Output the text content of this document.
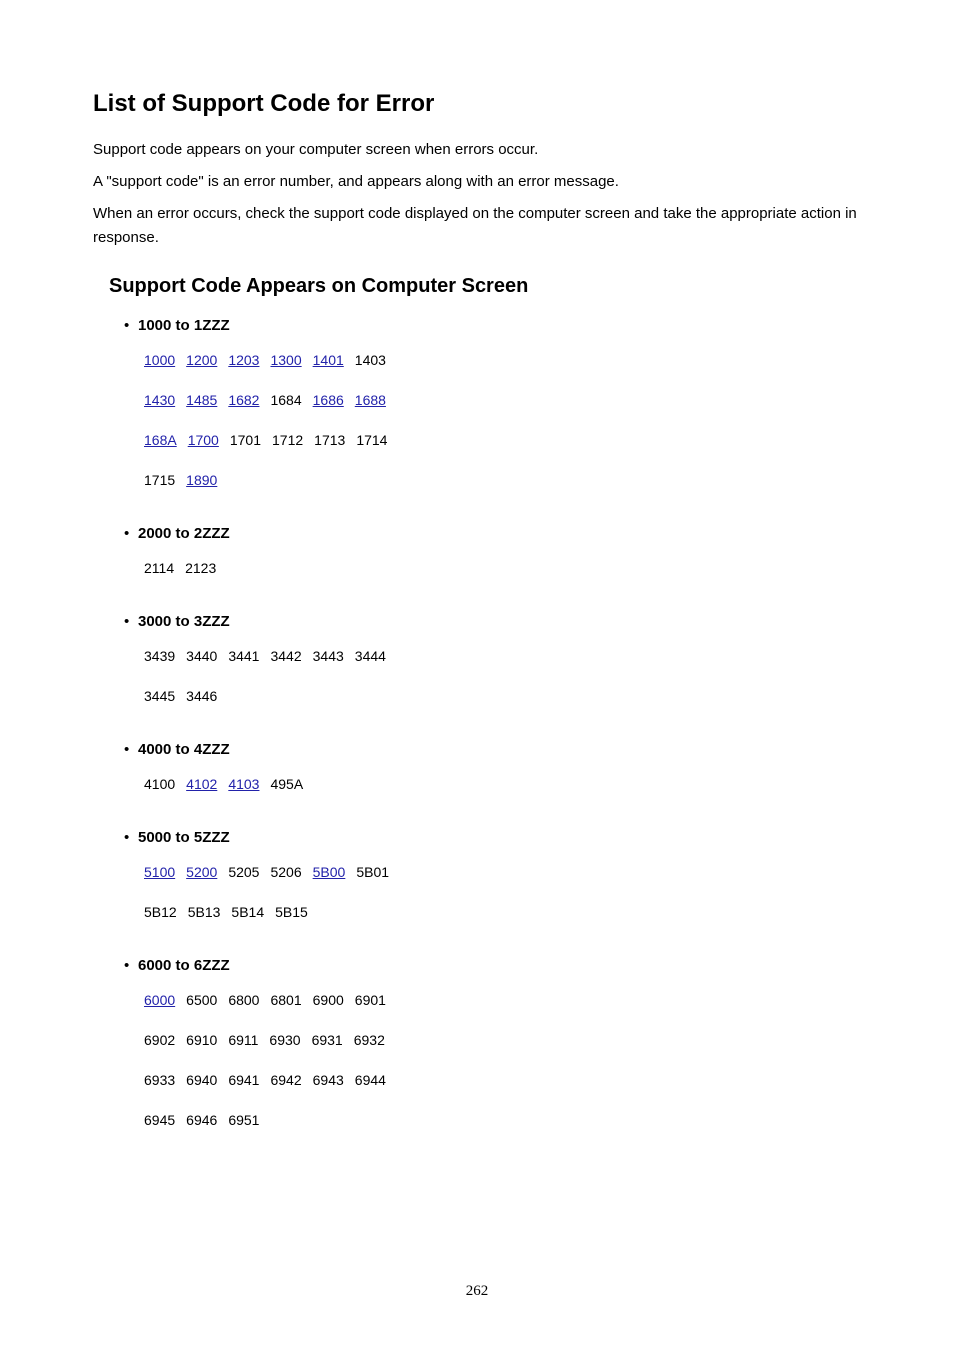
List of Support Code for Error

Support code appears on your computer screen when errors occur.

A "support code" is an error number, and appears along with an error message.

When an error occurs, check the support code displayed on the computer screen and take the appropriate action in response.

Support Code Appears on Computer Screen
• 1000 to 1ZZZ
1000 1200 1203 1300 1401 1403
1430 1485 1682 1684 1686 1688
168A 1700 1701 1712 1713 1714
1715 1890
• 2000 to 2ZZZ
2114 2123
• 3000 to 3ZZZ
3439 3440 3441 3442 3443 3444
3445 3446
• 4000 to 4ZZZ
4100 4102 4103 495A
• 5000 to 5ZZZ
5100 5200 5205 5206 5B00 5B01
5B12 5B13 5B14 5B15
• 6000 to 6ZZZ
6000 6500 6800 6801 6900 6901
6902 6910 6911 6930 6931 6932
6933 6940 6941 6942 6943 6944
6945 6946 6951
262
